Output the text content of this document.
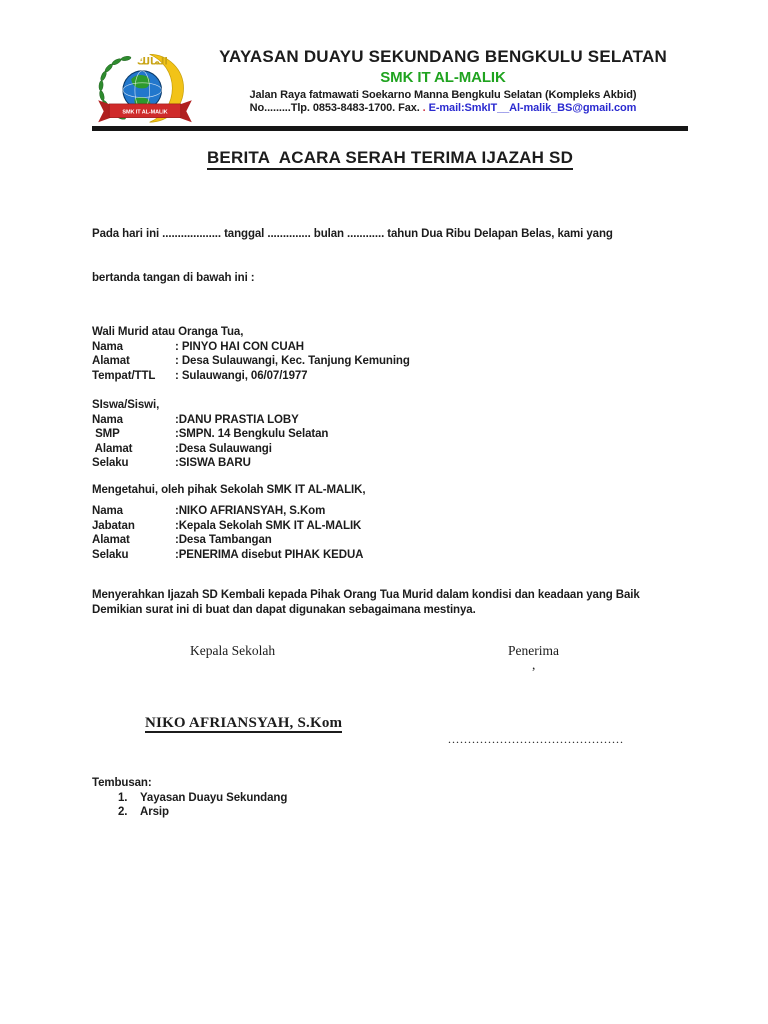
المالك
SMK IT AL-MALIK
YAYASAN DUAYU SEKUNDANG BENGKULU SELATAN
SMK IT AL-MALIK
Jalan Raya fatmawati Soekarno Manna Bengkulu Selatan (Kompleks Akbid)
No.........Tlp. 0853-8483-1700. Fax. . E-mail:SmkIT__Al-malik_BS@gmail.com
BERITA  ACARA SERAH TERIMA IJAZAH SD

Pada hari ini ................... tanggal .............. bulan ............ tahun Dua Ribu Delapan Belas, kami yang

bertanda tangan di bawah ini :

Wali Murid atau Oranga Tua,
Nama	: PINYO HAI CON CUAH
Alamat	: Desa Sulauwangi, Kec. Tanjung Kemuning
Tempat/TTL	: Sulauwangi, 06/07/1977
SIswa/Siswi,
Nama	:DANU PRASTIA LOBY
SMP	:SMPN. 14 Bengkulu Selatan
Alamat	:Desa Sulauwangi
Selaku	:SISWA BARU
Mengetahui, oleh pihak Sekolah SMK IT AL-MALIK,
Nama	:NIKO AFRIANSYAH, S.Kom
Jabatan	:Kepala Sekolah SMK IT AL-MALIK
Alamat	:Desa Tambangan
Selaku	:PENERIMA disebut PIHAK KEDUA
Menyerahkan Ijazah SD Kembali kepada Pihak Orang Tua Murid dalam kondisi dan keadaan yang Baik
Demikian surat ini di buat dan dapat digunakan sebagaimana mestinya.
Kepala Sekolah	Penerima
,
NIKO AFRIANSYAH, S.Kom
............................................
Tembusan:
1.	Yayasan Duayu Sekundang
2.	Arsip
